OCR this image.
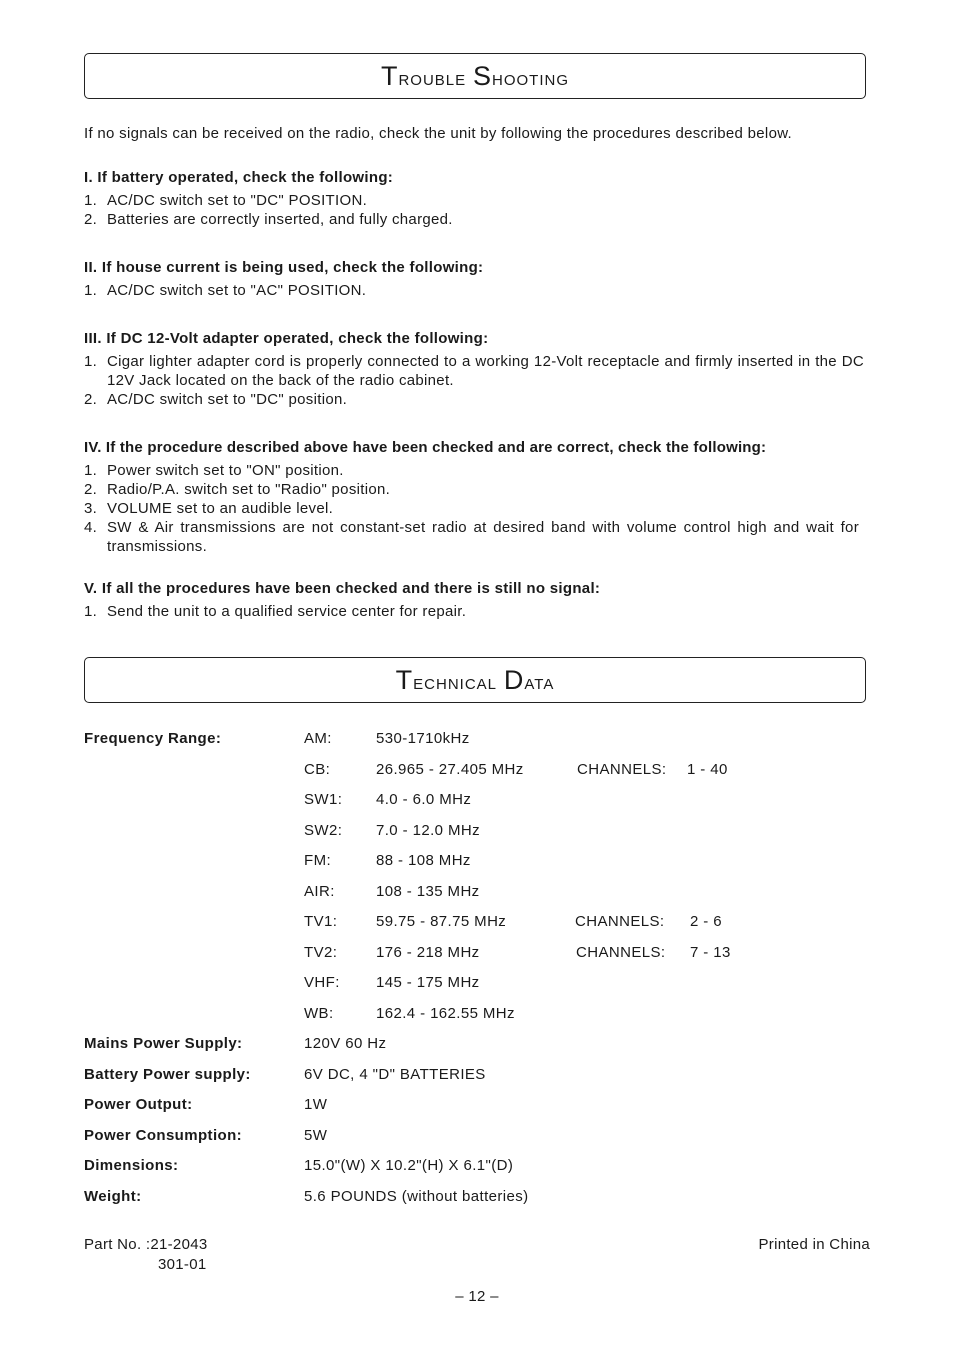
Trouble Shooting
If no signals can be received on the radio, check the unit by following the procedures described below.
I. If battery operated, check the following:
1. AC/DC switch set to "DC" POSITION.
2. Batteries are correctly inserted, and fully charged.
II. If house current is being used, check the following:
1. AC/DC switch set to "AC" POSITION.
III. If DC 12-Volt adapter operated, check the following:
1. Cigar lighter adapter cord is properly connected to a working 12-Volt receptacle and firmly inserted in the DC 12V Jack located on the back of the radio cabinet.
2. AC/DC switch set to "DC" position.
IV. If the procedure described above have been checked and are correct, check the following:
1. Power switch set to "ON" position.
2. Radio/P.A. switch set to "Radio" position.
3. VOLUME set to an audible level.
4. SW & Air transmissions are not constant-set radio at desired band with volume control high and wait for transmissions.
V. If all the procedures have been checked and there is still no signal:
1. Send the unit to a qualified service center for repair.
Technical Data
Frequency Range:	AM:	530-1710kHz
CB:	26.965 - 27.405 MHz	CHANNELS: 1 - 40
SW1: 4.0 - 6.0 MHz
SW2: 7.0 - 12.0 MHz
FM:	88 - 108 MHz
AIR:	108 - 135 MHz
TV1:	59.75 - 87.75 MHz	CHANNELS: 2 - 6
TV2:	176 - 218 MHz	CHANNELS: 7 - 13
VHF: 145 - 175 MHz
WB:	162.4 - 162.55 MHz
Mains Power Supply:	120V 60 Hz
Battery Power supply:	6V DC, 4 "D" BATTERIES
Power Output:	1W
Power Consumption:	5W
Dimensions:	15.0"(W) X 10.2"(H) X 6.1"(D)
Weight:	5.6 POUNDS (without batteries)
Part No. :21-2043
301-01
Printed in China
– 12 –
